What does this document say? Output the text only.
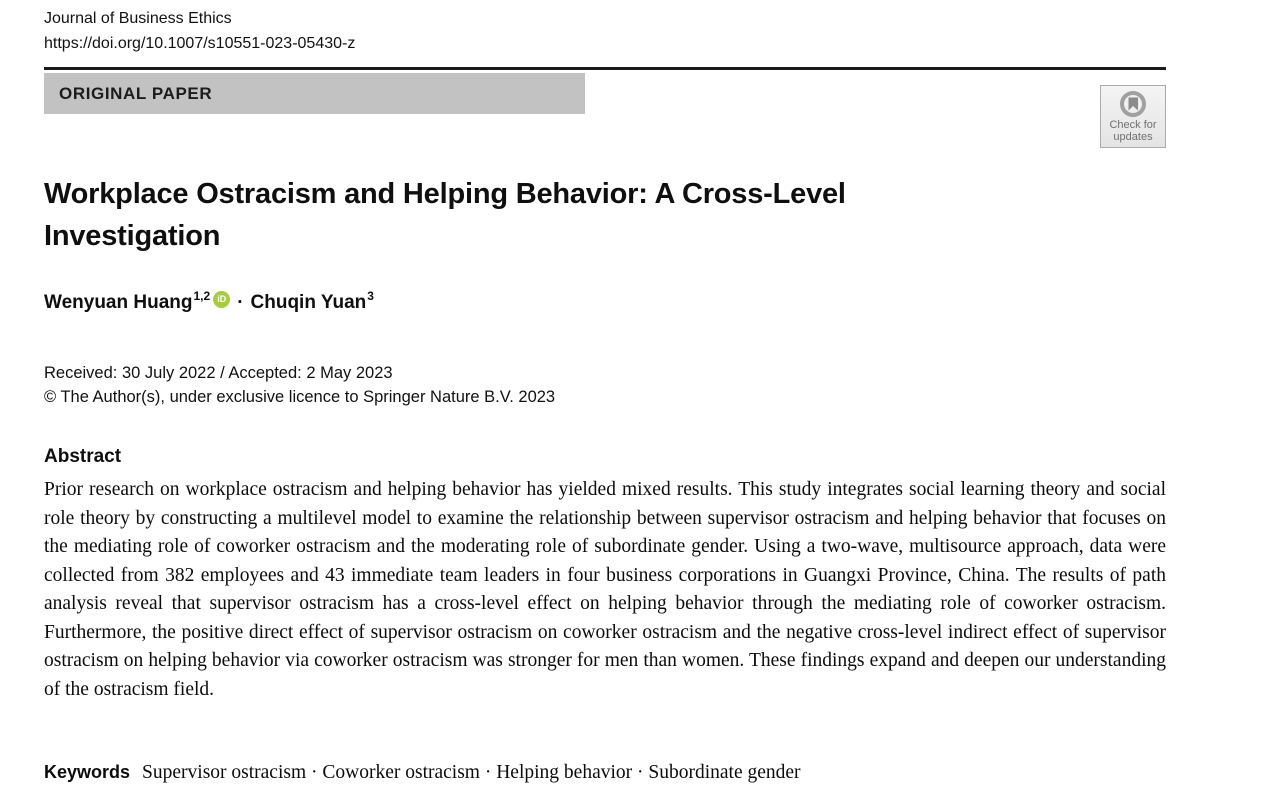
Journal of Business Ethics
https://doi.org/10.1007/s10551-023-05430-z
ORIGINAL PAPER
Check for
updates
Workplace Ostracism and Helping Behavior: A Cross-Level Investigation
Wenyuan Huang 1,2 iD · Chuqin Yuan 3
Received: 30 July 2022 / Accepted: 2 May 2023
© The Author(s), under exclusive licence to Springer Nature B.V. 2023
Abstract
Prior research on workplace ostracism and helping behavior has yielded mixed results. This study integrates social learning theory and social role theory by constructing a multilevel model to examine the relationship between supervisor ostracism and helping behavior that focuses on the mediating role of coworker ostracism and the moderating role of subordinate gender. Using a two-wave, multisource approach, data were collected from 382 employees and 43 immediate team leaders in four business corporations in Guangxi Province, China. The results of path analysis reveal that supervisor ostracism has a cross-level effect on helping behavior through the mediating role of coworker ostracism. Furthermore, the positive direct effect of supervisor ostracism on coworker ostracism and the negative cross-level indirect effect of supervisor ostracism on helping behavior via coworker ostracism was stronger for men than women. These findings expand and deepen our understanding of the ostracism field.
Keywords Supervisor ostracism · Coworker ostracism · Helping behavior · Subordinate gender
